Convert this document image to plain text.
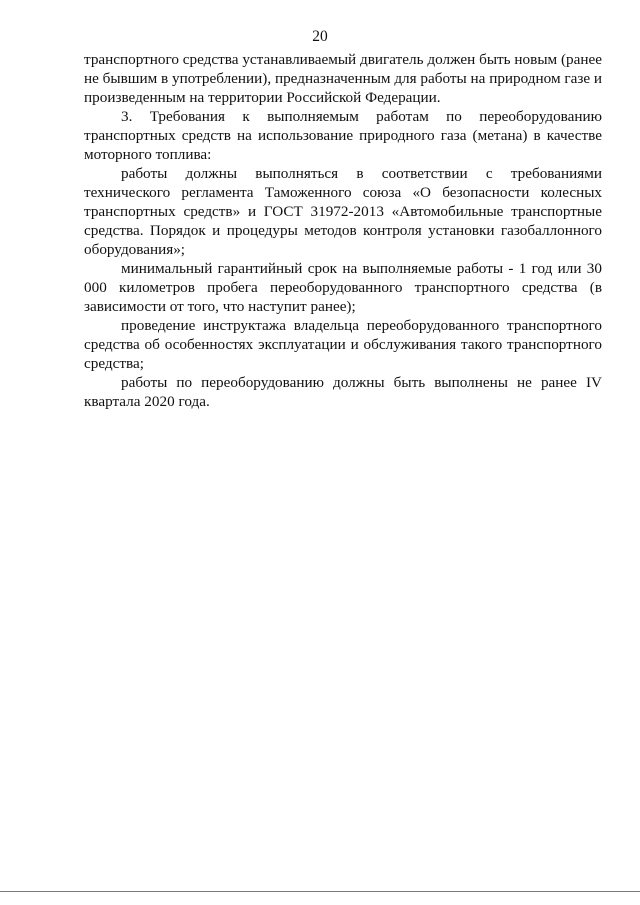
20

транспортного средства устанавливаемый двигатель должен быть новым (ранее не бывшим в употреблении), предназначенным для работы на природном газе и произведенным на территории Российской Федерации.

3. Требования к выполняемым работам по переоборудованию транспортных средств на использование природного газа (метана) в качестве моторного топлива:

работы должны выполняться в соответствии с требованиями технического регламента Таможенного союза «О безопасности колесных транспортных средств» и ГОСТ 31972-2013 «Автомобильные транспортные средства. Порядок и процедуры методов контроля установки газобаллонного оборудования»;

минимальный гарантийный срок на выполняемые работы - 1 год или 30 000 километров пробега переоборудованного транспортного средства (в зависимости от того, что наступит ранее);

проведение инструктажа владельца переоборудованного транспортного средства об особенностях эксплуатации и обслуживания такого транспортного средства;

работы по переоборудованию должны быть выполнены не ранее IV квартала 2020 года.
